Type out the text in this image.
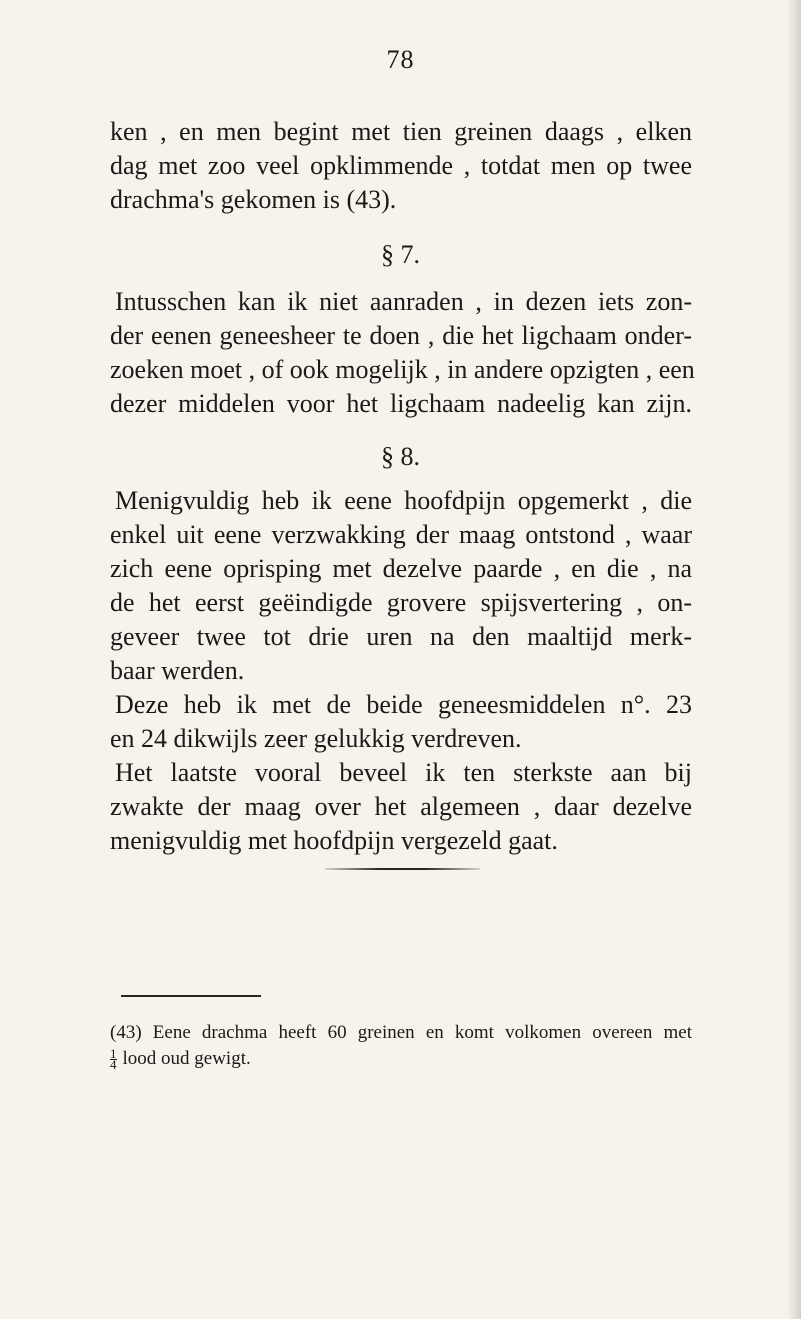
78
ken , en men begint met tien greinen daags , elken
dag met zoo veel opklimmende , totdat men op twee
drachma's gekomen is (43).
§ 7.
Intusschen kan ik niet aanraden , in dezen iets zon-
der eenen geneesheer te doen , die het ligchaam onder-
zoeken moet , of ook mogelijk , in andere opzigten , een
dezer middelen voor het ligchaam nadeelig kan zijn.
§ 8.
Menigvuldig heb ik eene hoofdpijn opgemerkt , die
enkel uit eene verzwakking der maag ontstond , waar
zich eene oprisping met dezelve paarde , en die , na
de het eerst geëindigde grovere spijsvertering , on-
geveer twee tot drie uren na den maaltijd merk-
baar werden.
Deze heb ik met de beide geneesmiddelen n°. 23
en 24 dikwijls zeer gelukkig verdreven.
Het laatste vooral beveel ik ten sterkste aan bij
zwakte der maag over het algemeen , daar dezelve
menigvuldig met hoofdpijn vergezeld gaat.
(43) Eene drachma heeft 60 greinen en komt volkomen overeen met
$\frac{1}{4}$ lood oud gewigt.
